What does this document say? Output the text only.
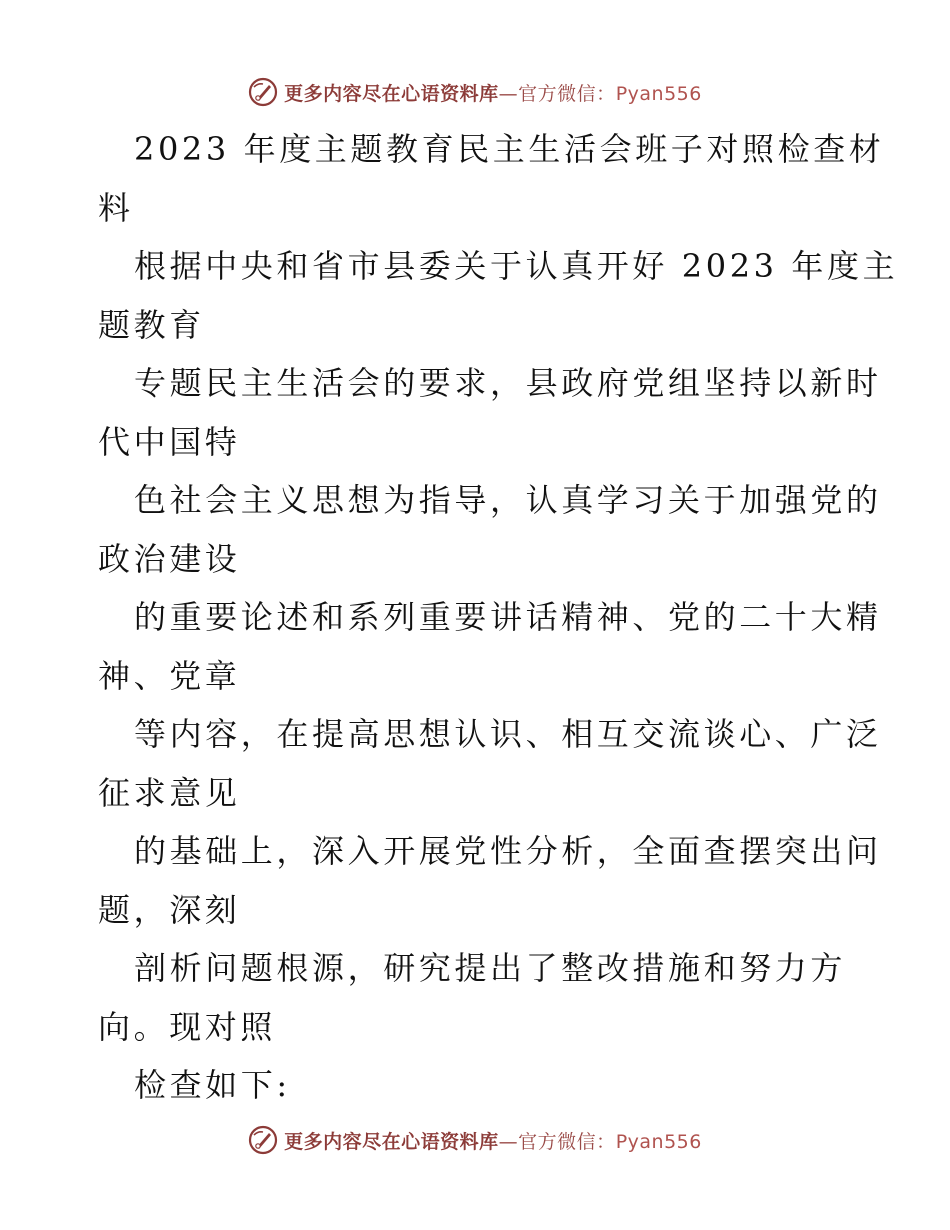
更多内容尽在心语资料库—官方微信：Pyan556
2023 年度主题教育民主生活会班子对照检查材
料
根据中央和省市县委关于认真开好 2023 年度主
题教育
专题民主生活会的要求，县政府党组坚持以新时
代中国特
色社会主义思想为指导，认真学习关于加强党的
政治建设
的重要论述和系列重要讲话精神、党的二十大精
神、党章
等内容，在提高思想认识、相互交流谈心、广泛
征求意见
的基础上，深入开展党性分析，全面查摆突出问
题，深刻
剖析问题根源，研究提出了整改措施和努力方
向。现对照
检查如下:
更多内容尽在心语资料库—官方微信：Pyan556
